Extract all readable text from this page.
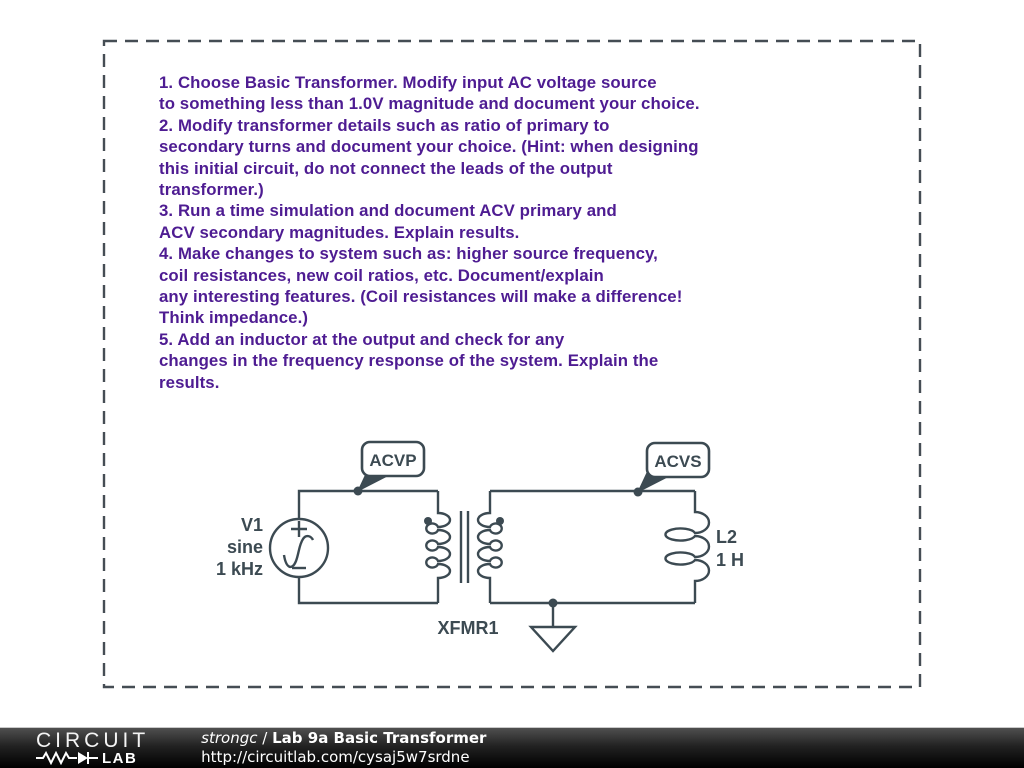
ACVP	ACVS
V1
sine
1 kHz
XFMR1
L2
1 H
1. Choose Basic Transformer. Modify input AC voltage source
to something less than 1.0V magnitude and document your choice.
2. Modify transformer details such as ratio of primary to
secondary turns and document your choice. (Hint: when designing
this initial circuit, do not connect the leads of the output
transformer.)
3. Run a time simulation and document ACV primary and
ACV secondary magnitudes. Explain results.
4. Make changes to system such as: higher source frequency,
coil resistances, new coil ratios, etc. Document/explain
any interesting features. (Coil resistances will make a difference!
Think impedance.)
5. Add an inductor at the output and check for any
changes in the frequency response of the system. Explain the
results.
CIRCUIT
LAB
strongc / Lab 9a Basic Transformer
http://circuitlab.com/cysaj5w7srdne
